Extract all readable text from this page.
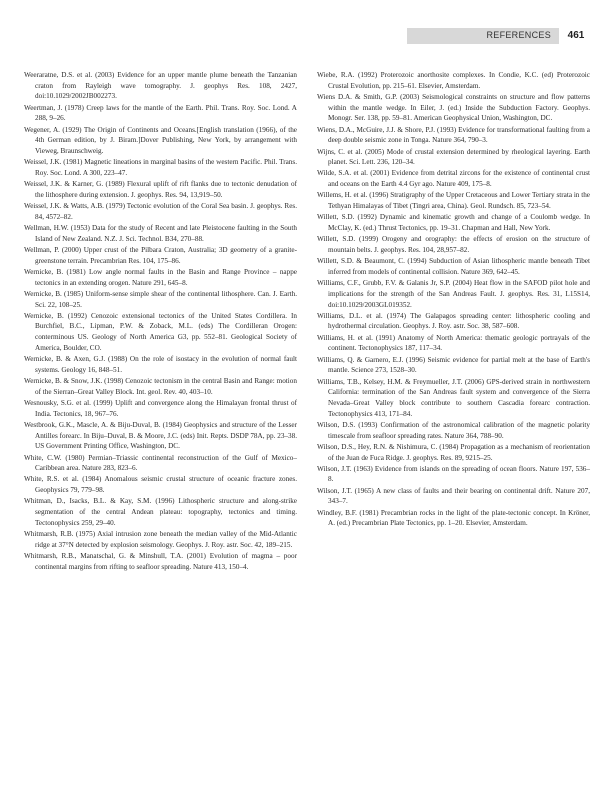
REFERENCES	461

Weeraratne, D.S. et al. (2003) Evidence for an upper mantle plume beneath the Tanzanian craton from Rayleigh wave tomography. J. geophys Res. 108, 2427, doi:10.1029/2002JB002273.

Weertman, J. (1978) Creep laws for the mantle of the Earth. Phil. Trans. Roy. Soc. Lond. A 288, 9–26.

Wegener, A. (1929) The Origin of Continents and Oceans.[English translation (1966), of the 4th German edition, by J. Biram.]Dover Publishing, New York, by arrangement with Vieweg, Braunschweig.

Weissel, J.K. (1981) Magnetic lineations in marginal basins of the western Pacific. Phil. Trans. Roy. Soc. Lond. A 300, 223–47.

Weissel, J.K. & Karner, G. (1989) Flexural uplift of rift flanks due to tectonic denudation of the lithosphere during extension. J. geophys. Res. 94, 13,919–50.

Weissel, J.K. & Watts, A.B. (1979) Tectonic evolution of the Coral Sea basin. J. geophys. Res. 84, 4572–82.

Wellman, H.W. (1953) Data for the study of Recent and late Pleistocene faulting in the South Island of New Zealand. N.Z. J. Sci. Technol. B34, 270–88.

Wellman, P. (2000) Upper crust of the Pilbara Craton, Australia; 3D geometry of a granite-greenstone terrain. Precambrian Res. 104, 175–86.

Wernicke, B. (1981) Low angle normal faults in the Basin and Range Province – nappe tectonics in an extending orogen. Nature 291, 645–8.

Wernicke, B. (1985) Uniform-sense simple shear of the continental lithosphere. Can. J. Earth. Sci. 22, 108–25.

Wernicke, B. (1992) Cenozoic extensional tectonics of the United States Cordillera. In Burchfiel, B.C., Lipman, P.W. & Zoback, M.L. (eds) The Cordilleran Orogen: conterminous US. Geology of North America G3, pp. 552–81. Geological Society of America, Boulder, CO.

Wernicke, B. & Axen, G.J. (1988) On the role of isostacy in the evolution of normal fault systems. Geology 16, 848–51.

Wernicke, B. & Snow, J.K. (1998) Cenozoic tectonism in the central Basin and Range: motion of the Sierran–Great Valley Block. Int. geol. Rev. 40, 403–10.

Wesnousky, S.G. et al. (1999) Uplift and convergence along the Himalayan frontal thrust of India. Tectonics, 18, 967–76.

Westbrook, G.K., Mascle, A. & Biju-Duval, B. (1984) Geophysics and structure of the Lesser Antilles forearc. In Biju–Duval, B. & Moore, J.C. (eds) Init. Repts. DSDP 78A, pp. 23–38. US Government Printing Office, Washington, DC.

White, C.W. (1980) Permian–Triassic continental reconstruction of the Gulf of Mexico–Caribbean area. Nature 283, 823–6.

White, R.S. et al. (1984) Anomalous seismic crustal structure of oceanic fracture zones. Geophysics 79, 779–98.

Whitman, D., Isacks, B.L. & Kay, S.M. (1996) Lithospheric structure and along-strike segmentation of the central Andean plateau: topography, tectonics and timing. Tectonophysics 259, 29–40.

Whitmarsh, R.B. (1975) Axial intrusion zone beneath the median valley of the Mid-Atlantic ridge at 37°N detected by explosion seismology. Geophys. J. Roy. astr. Soc. 42, 189–215.

Whitmarsh, R.B., Manatschal, G. & Minshull, T.A. (2001) Evolution of magma – poor continental margins from rifting to seafloor spreading. Nature 413, 150–4.

Wiebe, R.A. (1992) Proterozoic anorthosite complexes. In Condie, K.C. (ed) Proterozoic Crustal Evolution, pp. 215–61. Elsevier, Amsterdam.

Wiens D.A. & Smith, G.P. (2003) Seismological constraints on structure and flow patterns within the mantle wedge. In Eiler, J. (ed.) Inside the Subduction Factory. Geophys. Monogr. Ser. 138, pp. 59–81. American Geophysical Union, Washington, DC.

Wiens, D.A., McGuire, J.J. & Shore, P.J. (1993) Evidence for transformational faulting from a deep double seismic zone in Tonga. Nature 364, 790–3.

Wijns, C. et al. (2005) Mode of crustal extension determined by rheological layering. Earth planet. Sci. Lett. 236, 120–34.

Wilde, S.A. et al. (2001) Evidence from detrital zircons for the existence of continental crust and oceans on the Earth 4.4 Gyr ago. Nature 409, 175–8.

Willems, H. et al. (1996) Stratigraphy of the Upper Cretaceous and Lower Tertiary strata in the Tethyan Himalayas of Tibet (Tingri area, China). Geol. Rundsch. 85, 723–54.

Willett, S.D. (1992) Dynamic and kinematic growth and change of a Coulomb wedge. In McClay, K. (ed.) Thrust Tectonics, pp. 19–31. Chapman and Hall, New York.

Willett, S.D. (1999) Orogeny and orography: the effects of erosion on the structure of mountain belts. J. geophys. Res. 104, 28,957–82.

Willett, S.D. & Beaumont, C. (1994) Subduction of Asian lithospheric mantle beneath Tibet inferred from models of continental collision. Nature 369, 642–45.

Williams, C.F., Grubb, F.V. & Galanis Jr, S.P. (2004) Heat flow in the SAFOD pilot hole and implications for the strength of the San Andreas Fault. J. geophys. Res. 31, L15S14, doi:10.1029/2003GL019352.

Williams, D.L. et al. (1974) The Galapagos spreading center: lithospheric cooling and hydrothermal circulation. Geophys. J. Roy. astr. Soc. 38, 587–608.

Williams, H. et al. (1991) Anatomy of North America: thematic geologic portrayals of the continent. Tectonophysics 187, 117–34.

Williams, Q. & Garnero, E.J. (1996) Seismic evidence for partial melt at the base of Earth's mantle. Science 273, 1528–30.

Williams, T.B., Kelsey, H.M. & Freymueller, J.T. (2006) GPS-derived strain in northwestern California: termination of the San Andreas fault system and convergence of the Sierra Nevada–Great Valley block contribute to southern Cascadia forearc contraction. Tectonophysics 413, 171–84.

Wilson, D.S. (1993) Confirmation of the astronomical calibration of the magnetic polarity timescale from seafloor spreading rates. Nature 364, 788–90.

Wilson, D.S., Hey, R.N. & Nishimura, C. (1984) Propagation as a mechanism of reorientation of the Juan de Fuca Ridge. J. geophys. Res. 89, 9215–25.

Wilson, J.T. (1963) Evidence from islands on the spreading of ocean floors. Nature 197, 536–8.

Wilson, J.T. (1965) A new class of faults and their bearing on continental drift. Nature 207, 343–7.

Windley, B.F. (1981) Precambrian rocks in the light of the plate-tectonic concept. In Kröner, A. (ed.) Precambrian Plate Tectonics, pp. 1–20. Elsevier, Amsterdam.
